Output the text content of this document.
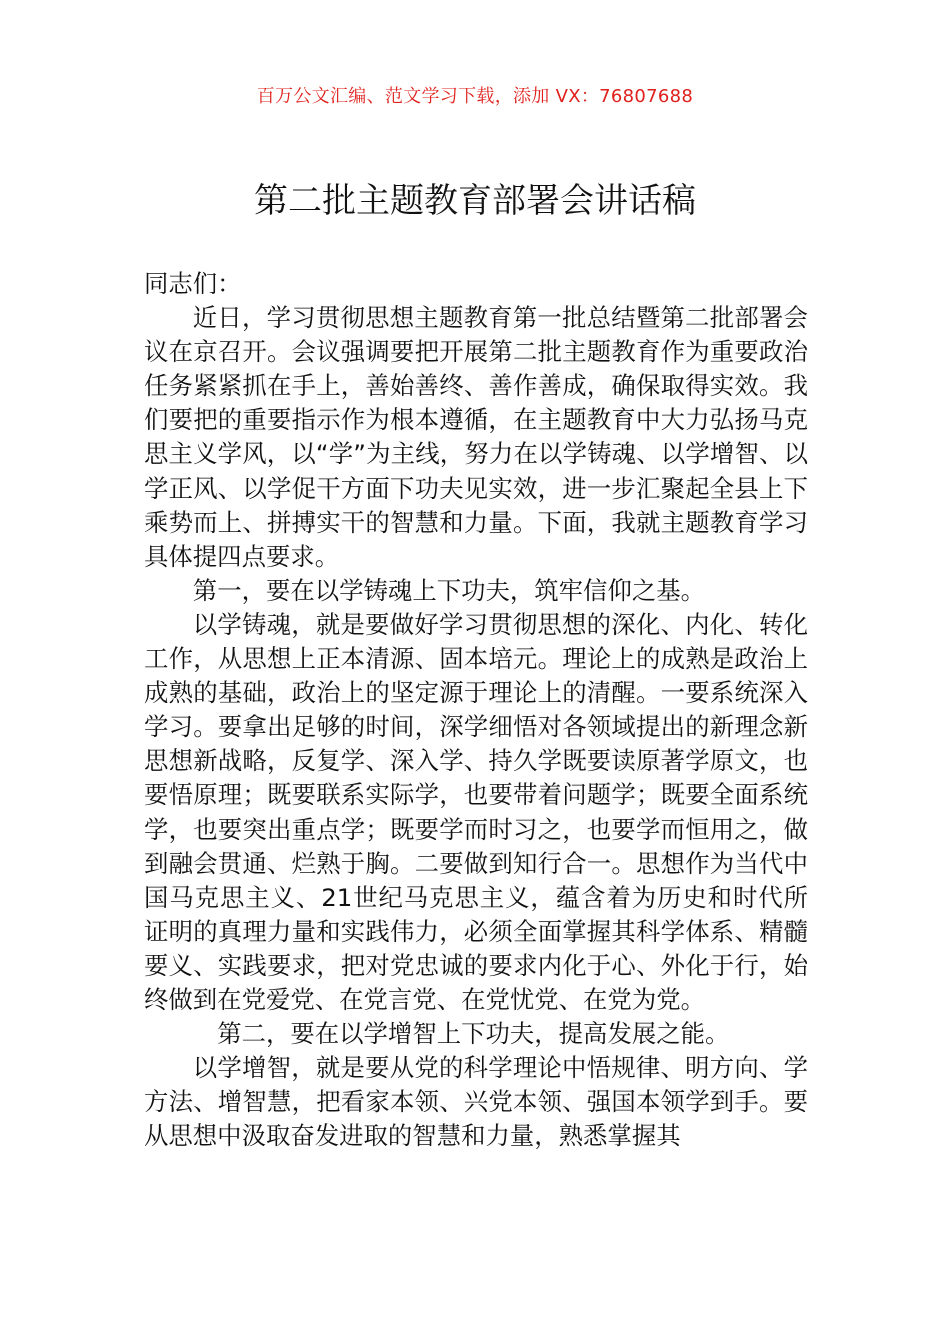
百万公文汇编、范文学习下载，添加 VX：76807688
第二批主题教育部署会讲话稿

同志们：

近日，学习贯彻思想主题教育第一批总结暨第二批部署会议在京召开。会议强调要把开展第二批主题教育作为重要政治任务紧紧抓在手上，善始善终、善作善成，确保取得实效。我们要把的重要指示作为根本遵循，在主题教育中大力弘扬马克思主义学风，以“学”为主线，努力在以学铸魂、以学增智、以学正风、以学促干方面下功夫见实效，进一步汇聚起全县上下乘势而上、拼搏实干的智慧和力量。下面，我就主题教育学习具体提四点要求。

第一，要在以学铸魂上下功夫，筑牢信仰之基。

以学铸魂，就是要做好学习贯彻思想的深化、内化、转化工作，从思想上正本清源、固本培元。理论上的成熟是政治上成熟的基础，政治上的坚定源于理论上的清醒。一要系统深入学习。要拿出足够的时间，深学细悟对各领域提出的新理念新思想新战略，反复学、深入学、持久学既要读原著学原文，也要悟原理；既要联系实际学，也要带着问题学；既要全面系统学，也要突出重点学；既要学而时习之，也要学而恒用之，做到融会贯通、烂熟于胸。二要做到知行合一。思想作为当代中国马克思主义、21世纪马克思主义，蕴含着为历史和时代所证明的真理力量和实践伟力，必须全面掌握其科学体系、精髓要义、实践要求，把对党忠诚的要求内化于心、外化于行，始终做到在党爱党、在党言党、在党忧党、在党为党。

第二，要在以学增智上下功夫，提高发展之能。

以学增智，就是要从党的科学理论中悟规律、明方向、学方法、增智慧，把看家本领、兴党本领、强国本领学到手。要从思想中汲取奋发进取的智慧和力量，熟悉掌握其
